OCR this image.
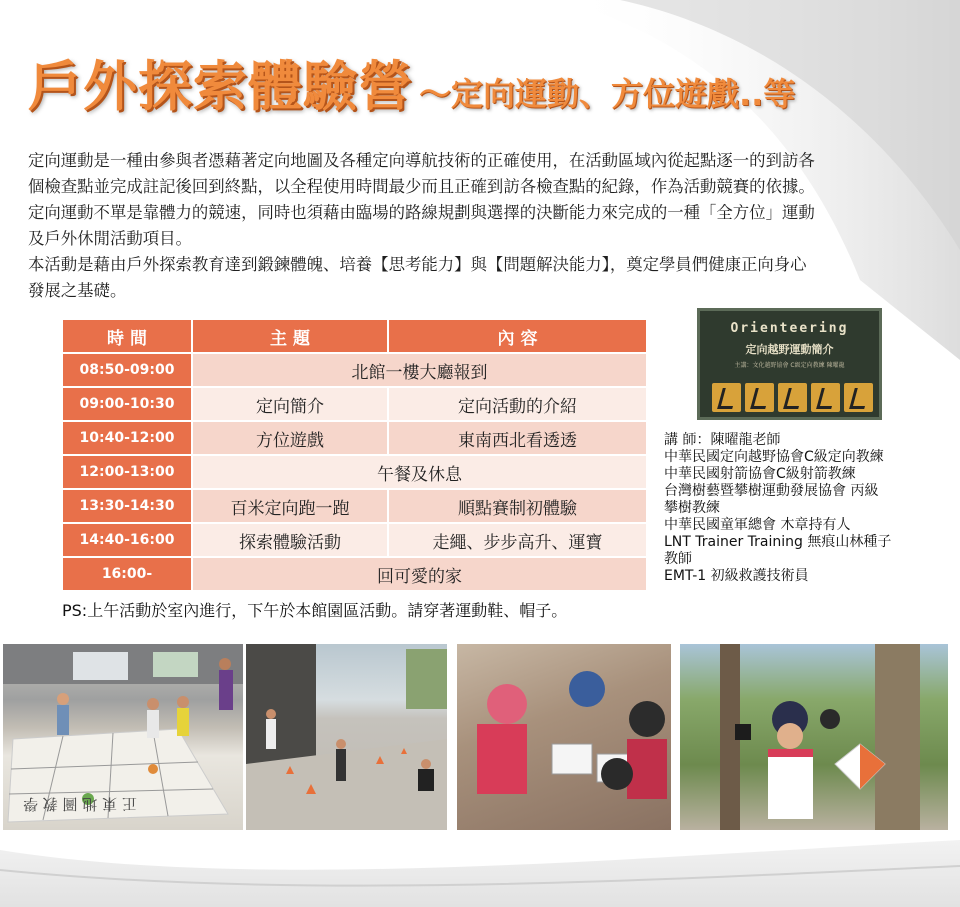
戶外探索體驗營 ～定向運動、方位遊戲..等

定向運動是一種由參與者憑藉著定向地圖及各種定向導航技術的正確使用，在活動區域內從起點逐一的到訪各

個檢查點並完成註記後回到終點，以全程使用時間最少而且正確到訪各檢查點的紀錄，作為活動競賽的依據。

定向運動不單是靠體力的競速，同時也須藉由臨場的路線規劃與選擇的決斷能力來完成的一種「全方位」運動

及戶外休閒活動項目。

本活動是藉由戶外探索教育達到鍛鍊體魄、培養【思考能力】與【問題解決能力】，奠定學員們健康正向身心

發展之基礎。

時 間	主 題	內 容
08:50-09:00	北館一樓大廳報到	
09:00-10:30	定向簡介	定向活動的介紹
10:40-12:00	方位遊戲	東南西北看透透
12:00-13:00	午餐及休息	
13:30-14:30	百米定向跑一跑	順點賽制初體驗
14:40-16:00	探索體驗活動	走繩、步步高升、運寶
16:00-	回可愛的家	
PS:上午活動於室內進行，下午於本館園區活動。請穿著運動鞋、帽子。
Orienteering
定向越野運動簡介
主講：文化越野協會 C級定向教練 陳曜龍
講 師：陳曜龍老師
中華民國定向越野協會C級定向教練
中華民國射箭協會C級射箭教練
台灣樹藝暨攀樹運動發展協會 丙級
攀樹教練
中華民國童軍總會 木章持有人
LNT Trainer Training 無痕山林種子
教師
EMT-1 初級救護技術員
正 東 地 圖 教 學
